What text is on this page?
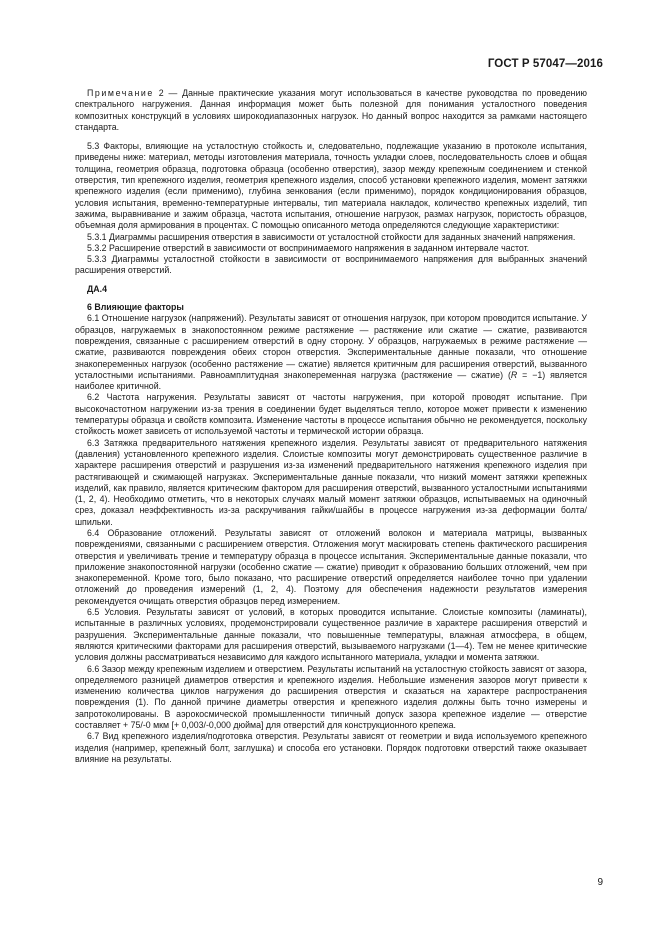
ГОСТ Р 57047—2016

Примечание 2 — Данные практические указания могут использоваться в качестве руководства по проведению спектрального нагружения. Данная информация может быть полезной для понимания усталостного поведения композитных конструкций в условиях широкодиапазонных нагрузок. Но данный вопрос находится за рамками настоящего стандарта.

5.3 Факторы, влияющие на усталостную стойкость и, следовательно, подлежащие указанию в протоколе испытания, приведены ниже: материал, методы изготовления материала, точность укладки слоев, последовательность слоев и общая толщина, геометрия образца, подготовка образца (особенно отверстия), зазор между крепежным соединением и стенкой отверстия, тип крепежного изделия, геометрия крепежного изделия, способ установки крепежного изделия, момент затяжки крепежного изделия (если применимо), глубина зенкования (если применимо), порядок кондиционирования образцов, условия испытания, временно-температурные интервалы, тип материала накладок, количество крепежных изделий, тип зажима, выравнивание и зажим образца, частота испытания, отношение нагрузок, размах нагрузок, пористость образцов, объемная доля армирования в процентах. С помощью описанного метода определяются следующие характеристики:

5.3.1 Диаграммы расширения отверстия в зависимости от усталостной стойкости для заданных значений напряжения.

5.3.2 Расширение отверстий в зависимости от воспринимаемого напряжения в заданном интервале частот.

5.3.3 Диаграммы усталостной стойкости в зависимости от воспринимаемого напряжения для выбранных значений расширения отверстий.

ДА.4
6 Влияющие факторы

6.1 Отношение нагрузок (напряжений). Результаты зависят от отношения нагрузок, при котором проводится испытание. У образцов, нагружаемых в знакопостоянном режиме растяжение — растяжение или сжатие — сжатие, развиваются повреждения, связанные с расширением отверстий в одну сторону. У образцов, нагружаемых в режиме растяжение — сжатие, развиваются повреждения обеих сторон отверстия. Экспериментальные данные показали, что отношение знакопеременных нагрузок (особенно растяжение — сжатие) является критичным для расширения отверстий, вызванного усталостными испытаниями. Равноамплитудная знакопеременная нагрузка (растяжение — сжатие) (R = −1) является наиболее критичной.

6.2 Частота нагружения. Результаты зависят от частоты нагружения, при которой проводят испытание. При высокочастотном нагружении из-за трения в соединении будет выделяться тепло, которое может привести к изменению температуры образца и свойств композита. Изменение частоты в процессе испытания обычно не рекомендуется, поскольку стойкость может зависеть от используемой частоты и термической истории образца.

6.3 Затяжка предварительного натяжения крепежного изделия. Результаты зависят от предварительного натяжения (давления) установленного крепежного изделия. Слоистые композиты могут демонстрировать существенное различие в характере расширения отверстий и разрушения из-за изменений предварительного натяжения крепежного изделия при растягивающей и сжимающей нагрузках. Экспериментальные данные показали, что низкий момент затяжки крепежных изделий, как правило, является критическим фактором для расширения отверстий, вызванного усталостными испытаниями (1, 2, 4). Необходимо отметить, что в некоторых случаях малый момент затяжки образцов, испытываемых на одиночный срез, доказал неэффективность из-за раскручивания гайки/шайбы в процессе нагружения из-за деформации болта/шпильки.

6.4 Образование отложений. Результаты зависят от отложений волокон и материала матрицы, вызванных повреждениями, связанными с расширением отверстия. Отложения могут маскировать степень фактического расширения отверстия и увеличивать трение и температуру образца в процессе испытания. Экспериментальные данные показали, что приложение знакопостоянной нагрузки (особенно сжатие — сжатие) приводит к образованию больших отложений, чем при знакопеременной. Кроме того, было показано, что расширение отверстий определяется наиболее точно при удалении отложений до проведения измерений (1, 2, 4). Поэтому для обеспечения надежности результатов измерения рекомендуется очищать отверстия образцов перед измерением.

6.5 Условия. Результаты зависят от условий, в которых проводится испытание. Слоистые композиты (ламинаты), испытанные в различных условиях, продемонстрировали существенное различие в характере расширения отверстий и разрушения. Экспериментальные данные показали, что повышенные температуры, влажная атмосфера, в общем, являются критическими факторами для расширения отверстий, вызываемого нагрузками (1—4). Тем не менее критические условия должны рассматриваться независимо для каждого испытанного материала, укладки и момента затяжки.

6.6 Зазор между крепежным изделием и отверстием. Результаты испытаний на усталостную стойкость зависят от зазора, определяемого разницей диаметров отверстия и крепежного изделия. Небольшие изменения зазоров могут привести к изменению количества циклов нагружения до расширения отверстия и сказаться на характере распространения повреждения (1). По данной причине диаметры отверстия и крепежного изделия должны быть точно измерены и запротоколированы. В аэрокосмической промышленности типичный допуск зазора крепежное изделие — отверстие составляет + 75/-0 мкм [+ 0,003/-0,000 дюйма] для отверстий для конструкционного крепежа.

6.7 Вид крепежного изделия/подготовка отверстия. Результаты зависят от геометрии и вида используемого крепежного изделия (например, крепежный болт, заглушка) и способа его установки. Порядок подготовки отверстий также оказывает влияние на результаты.

9
